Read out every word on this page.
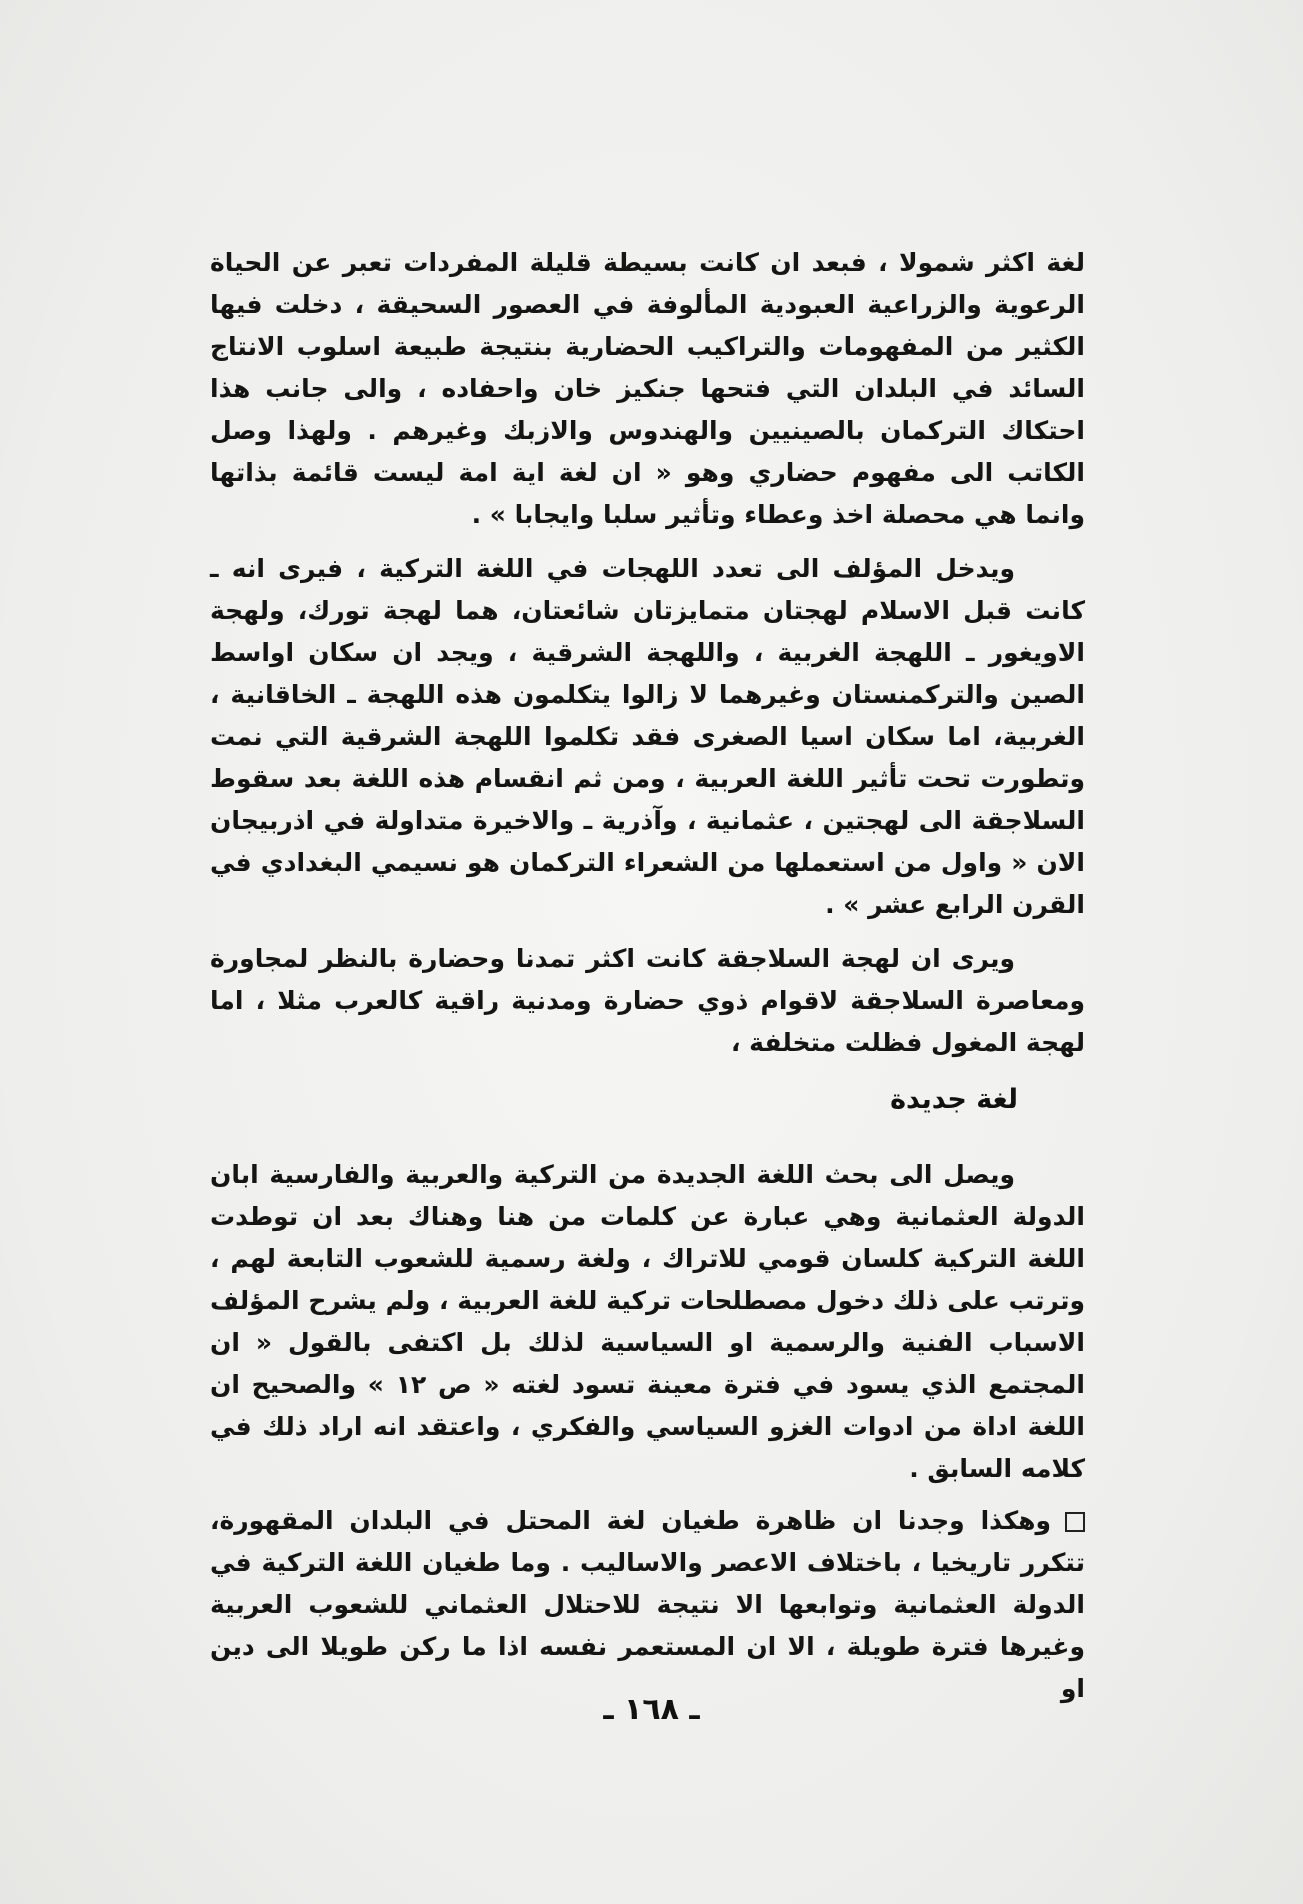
لغة اكثر شمولا ، فبعد ان كانت بسيطة قليلة المفردات تعبر عن الحياة الرعوية والزراعية العبودية المألوفة في العصور السحيقة ، دخلت فيها الكثير من المفهومات والتراكيب الحضارية بنتيجة طبيعة اسلوب الانتاج السائد في البلدان التي فتحها جنكيز خان واحفاده ، والى جانب هذا احتكاك التركمان بالصينيين والهندوس والازبك وغيرهم . ولهذا وصل الكاتب الى مفهوم حضاري وهو « ان لغة اية امة ليست قائمة بذاتها وانما هي محصلة اخذ وعطاء وتأثير سلبا وايجابا » .

ويدخل المؤلف الى تعدد اللهجات في اللغة التركية ، فيرى انه ـ كانت قبل الاسلام لهجتان متمايزتان شائعتان، هما لهجة تورك، ولهجة الاويغور ـ اللهجة الغربية ، واللهجة الشرقية ، ويجد ان سكان اواسط الصين والتركمنستان وغيرهما لا زالوا يتكلمون هذه اللهجة ـ الخاقانية ، الغربية، اما سكان اسيا الصغرى فقد تكلموا اللهجة الشرقية التي نمت وتطورت تحت تأثير اللغة العربية ، ومن ثم انقسام هذه اللغة بعد سقوط السلاجقة الى لهجتين ، عثمانية ، وآذرية ـ والاخيرة متداولة في اذربيجان الان « واول من استعملها من الشعراء التركمان هو نسيمي البغدادي في القرن الرابع عشر » .

ويرى ان لهجة السلاجقة كانت اكثر تمدنا وحضارة بالنظر لمجاورة ومعاصرة السلاجقة لاقوام ذوي حضارة ومدنية راقية كالعرب مثلا ، اما لهجة المغول فظلت متخلفة ،

لغة جديدة

ويصل الى بحث اللغة الجديدة من التركية والعربية والفارسية ابان الدولة العثمانية وهي عبارة عن كلمات من هنا وهناك بعد ان توطدت اللغة التركية كلسان قومي للاتراك ، ولغة رسمية للشعوب التابعة لهم ، وترتب على ذلك دخول مصطلحات تركية للغة العربية ، ولم يشرح المؤلف الاسباب الفنية والرسمية او السياسية لذلك بل اكتفى بالقول « ان المجتمع الذي يسود في فترة معينة تسود لغته « ص ١٢ » والصحيح ان اللغة اداة من ادوات الغزو السياسي والفكري ، واعتقد انه اراد ذلك في كلامه السابق .

وهكذا وجدنا ان ظاهرة طغيان لغة المحتل في البلدان المقهورة، تتكرر تاريخيا ، باختلاف الاعصر والاساليب . وما طغيان اللغة التركية في الدولة العثمانية وتوابعها الا نتيجة للاحتلال العثماني للشعوب العربية وغيرها فترة طويلة ، الا ان المستعمر نفسه اذا ما ركن طويلا الى دين او

ـ ١٦٨ ـ
